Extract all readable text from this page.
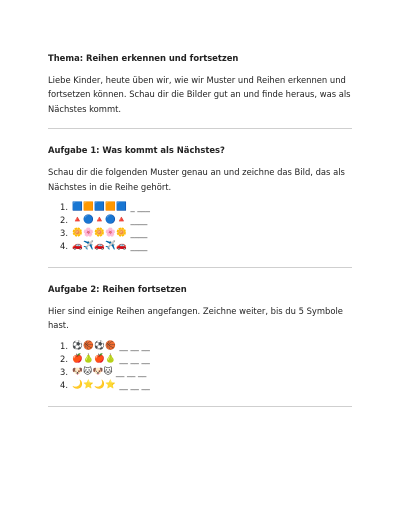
Thema: Reihen erkennen und fortsetzen

Liebe Kinder, heute üben wir, wie wir Muster und Reihen erkennen und fortsetzen können. Schau dir die Bilder gut an und finde heraus, was als Nächstes kommt.

Aufgabe 1: Was kommt als Nächstes?

Schau dir die folgenden Muster genau an und zeichne das Bild, das als Nächstes in die Reihe gehört.

1. 🟦🟧🟦🟧🟦 _ ___
2. 🔺🔵🔺🔵🔺 ____
3. 🌼🌸🌼🌸🌼 ____
4. 🚗✈️🚗✈️🚗 ____
Aufgabe 2: Reihen fortsetzen

Hier sind einige Reihen angefangen. Zeichne weiter, bis du 5 Symbole hast.

1. ⚽🏀⚽🏀 __ __ __
2. 🍎🍐🍎🍐 __ __ __
3. 🐶🐱🐶🐱 __ __ __
4. 🌙⭐🌙⭐ __ __ __
